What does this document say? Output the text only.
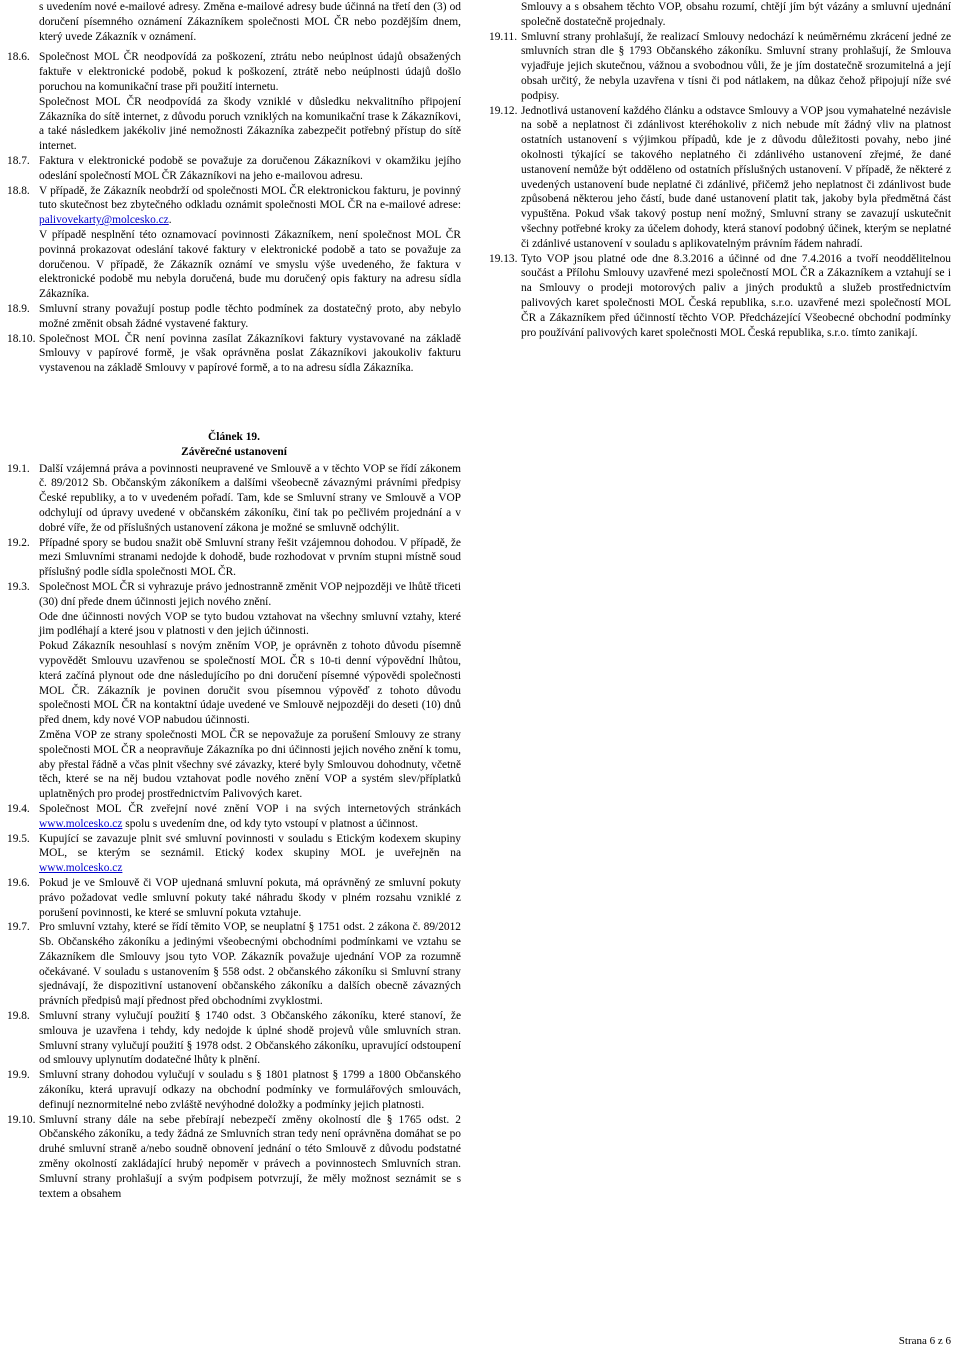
s uvedením nové e-mailové adresy. Změna e-mailové adresy bude účinná na třetí den (3) od doručení písemného oznámení Zákazníkem společnosti MOL ČR nebo pozdějším dnem, který uvede Zákazník v oznámení.

18.6. Společnost MOL ČR neodpovídá za poškození, ztrátu nebo neúplnost údajů obsažených faktuře v elektronické podobě, pokud k poškození, ztrátě nebo neúplnosti údajů došlo poruchou na komunikační trase při použití internetu.

Společnost MOL ČR neodpovídá za škody vzniklé v důsledku nekvalitního připojení Zákazníka do sítě internet, z důvodu poruch vzniklých na komunikační trase k Zákazníkovi, a také následkem jakékoliv jiné nemožnosti Zákazníka zabezpečit potřebný přístup do sítě internet.

18.7. Faktura v elektronické podobě se považuje za doručenou Zákazníkovi v okamžiku jejího odeslání společností MOL ČR Zákazníkovi na jeho e-mailovou adresu.

18.8. V případě, že Zákazník neobdrží od společnosti MOL ČR elektronickou fakturu, je povinný tuto skutečnost bez zbytečného odkladu oznámit společnosti MOL ČR na e-mailové adrese: palivovekarty@molcesko.cz.

V případě nesplnění této oznamovací povinnosti Zákazníkem, není společnost MOL ČR povinná prokazovat odeslání takové faktury v elektronické podobě a tato se považuje za doručenou. V případě, že Zákazník oznámí ve smyslu výše uvedeného, že faktura v elektronické podobě mu nebyla doručená, bude mu doručený opis faktury na adresu sídla Zákazníka.

18.9. Smluvní strany považují postup podle těchto podmínek za dostatečný proto, aby nebylo možné změnit obsah žádné vystavené faktury.

18.10. Společnost MOL ČR není povinna zasílat Zákazníkovi faktury vystavované na základě Smlouvy v papírové formě, je však oprávněna poslat Zákazníkovi jakoukoliv fakturu vystavenou na základě Smlouvy v papírové formě, a to na adresu sídla Zákazníka.

Článek 19.

Závěrečné ustanovení

19.1. Další vzájemná práva a povinnosti neupravené ve Smlouvě a v těchto VOP se řídí zákonem č. 89/2012 Sb. Občanským zákoníkem a dalšími všeobecně závaznými právními předpisy České republiky, a to v uvedeném pořadí. Tam, kde se Smluvní strany ve Smlouvě a VOP odchylují od úpravy uvedené v občanském zákoníku, činí tak po pečlivém projednání a v dobré víře, že od příslušných ustanovení zákona je možné se smluvně odchýlit.

19.2. Případné spory se budou snažit obě Smluvní strany řešit vzájemnou dohodou. V případě, že mezi Smluvními stranami nedojde k dohodě, bude rozhodovat v prvním stupni místně soud příslušný podle sídla společnosti MOL ČR.

19.3. Společnost MOL ČR si vyhrazuje právo jednostranně změnit VOP nejpozději ve lhůtě třiceti (30) dní přede dnem účinnosti jejich nového znění.

Ode dne účinnosti nových VOP se tyto budou vztahovat na všechny smluvní vztahy, které jim podléhají a které jsou v platnosti v den jejich účinnosti.

Pokud Zákazník nesouhlasí s novým zněním VOP, je oprávněn z tohoto důvodu písemně vypovědět Smlouvu uzavřenou se společností MOL ČR s 10-ti denní výpovědní lhůtou, která začíná plynout ode dne následujícího po dni doručení písemné výpovědi společnosti MOL ČR. Zákazník je povinen doručit svou písemnou výpověď z tohoto důvodu společnosti MOL ČR na kontaktní údaje uvedené ve Smlouvě nejpozději do deseti (10) dnů před dnem, kdy nové VOP nabudou účinnosti.

Změna VOP ze strany společnosti MOL ČR se nepovažuje za porušení Smlouvy ze strany společnosti MOL ČR a neopravňuje Zákazníka po dni účinnosti jejich nového znění k tomu, aby přestal řádně a včas plnit všechny své závazky, které byly Smlouvou dohodnuty, včetně těch, které se na něj budou vztahovat podle nového znění VOP a systém slev/příplatků uplatněných pro prodej prostřednictvím Palivových karet.

19.4. Společnost MOL ČR zveřejní nové znění VOP i na svých internetových stránkách www.molcesko.cz spolu s uvedením dne, od kdy tyto vstoupí v platnost a účinnost.

19.5. Kupující se zavazuje plnit své smluvní povinnosti v souladu s Etickým kodexem skupiny MOL, se kterým se seznámil. Etický kodex skupiny MOL je uveřejněn na www.molcesko.cz

19.6. Pokud je ve Smlouvě či VOP ujednaná smluvní pokuta, má oprávněný ze smluvní pokuty právo požadovat vedle smluvní pokuty také náhradu škody v plném rozsahu vzniklé z porušení povinnosti, ke které se smluvní pokuta vztahuje.

19.7. Pro smluvní vztahy, které se řídí těmito VOP, se neuplatní § 1751 odst. 2 zákona č. 89/2012 Sb. Občanského zákoníku a jedinými všeobecnými obchodními podmínkami ve vztahu se Zákazníkem dle Smlouvy jsou tyto VOP. Zákazník považuje ujednání VOP za rozumně očekávané. V souladu s ustanovením § 558 odst. 2 občanského zákoníku si Smluvní strany sjednávají, že dispozitivní ustanovení občanského zákoníku a dalších obecně závazných právních předpisů mají přednost před obchodními zvyklostmi.

19.8. Smluvní strany vylučují použití § 1740 odst. 3 Občanského zákoníku, které stanoví, že smlouva je uzavřena i tehdy, kdy nedojde k úplné shodě projevů vůle smluvních stran. Smluvní strany vylučují použití § 1978 odst. 2 Občanského zákoníku, upravující odstoupení od smlouvy uplynutím dodatečné lhůty k plnění.

19.9. Smluvní strany dohodou vylučují v souladu s § 1801 platnost § 1799 a 1800 Občanského zákoníku, která upravují odkazy na obchodní podmínky ve formulářových smlouvách, definují neznormitelné nebo zvláště nevýhodné doložky a podmínky jejich platnosti.

19.10. Smluvní strany dále na sebe přebírají nebezpečí změny okolností dle § 1765 odst. 2 Občanského zákoníku, a tedy žádná ze Smluvních stran tedy není oprávněna domáhat se po druhé smluvní straně a/nebo soudně obnovení jednání o této Smlouvě z důvodu podstatné změny okolností zakládající hrubý nepoměr v právech a povinnostech Smluvních stran. Smluvní strany prohlašují a svým podpisem potvrzují, že měly možnost seznámit se s textem a obsahem

Smlouvy a s obsahem těchto VOP, obsahu rozumí, chtějí jím být vázány a smluvní ujednání společně dostatečně projednaly.

19.11. Smluvní strany prohlašují, že realizací Smlouvy nedochází k neúměrnému zkrácení jedné ze smluvních stran dle § 1793 Občanského zákoníku. Smluvní strany prohlašují, že Smlouva vyjadřuje jejich skutečnou, vážnou a svobodnou vůli, že je jím dostatečně srozumitelná a její obsah určitý, že nebyla uzavřena v tísni či pod nátlakem, na důkaz čehož připojují níže své podpisy.

19.12. Jednotlivá ustanovení každého článku a odstavce Smlouvy a VOP jsou vymahatelné nezávisle na sobě a neplatnost či zdánlivost kteréhokoliv z nich nebude mít žádný vliv na platnost ostatních ustanovení s výjimkou případů, kde je z důvodu důležitosti povahy, nebo jiné okolnosti týkající se takového neplatného či zdánlivého ustanovení zřejmé, že dané ustanovení nemůže být odděleno od ostatních příslušných ustanovení. V případě, že některé z uvedených ustanovení bude neplatné či zdánlivé, přičemž jeho neplatnost či zdánlivost bude způsobená některou jeho částí, bude dané ustanovení platit tak, jakoby byla předmětná část vypuštěna. Pokud však takový postup není možný, Smluvní strany se zavazují uskutečnit všechny potřebné kroky za účelem dohody, která stanoví podobný účinek, kterým se neplatné či zdánlivé ustanovení v souladu s aplikovatelným právním řádem nahradí.

19.13. Tyto VOP jsou platné ode dne 8.3.2016 a účinné od dne 7.4.2016 a tvoří neoddělitelnou součást a Přílohu Smlouvy uzavřené mezi společností MOL ČR a Zákazníkem a vztahují se i na Smlouvy o prodeji motorových paliv a jiných produktů a služeb prostřednictvím palivových karet společnosti MOL Česká republika, s.r.o. uzavřené mezi společností MOL ČR a Zákazníkem před účinností těchto VOP. Předcházející Všeobecné obchodní podmínky pro používání palivových karet společnosti MOL Česká republika, s.r.o. tímto zanikají.

Strana 6 z 6
